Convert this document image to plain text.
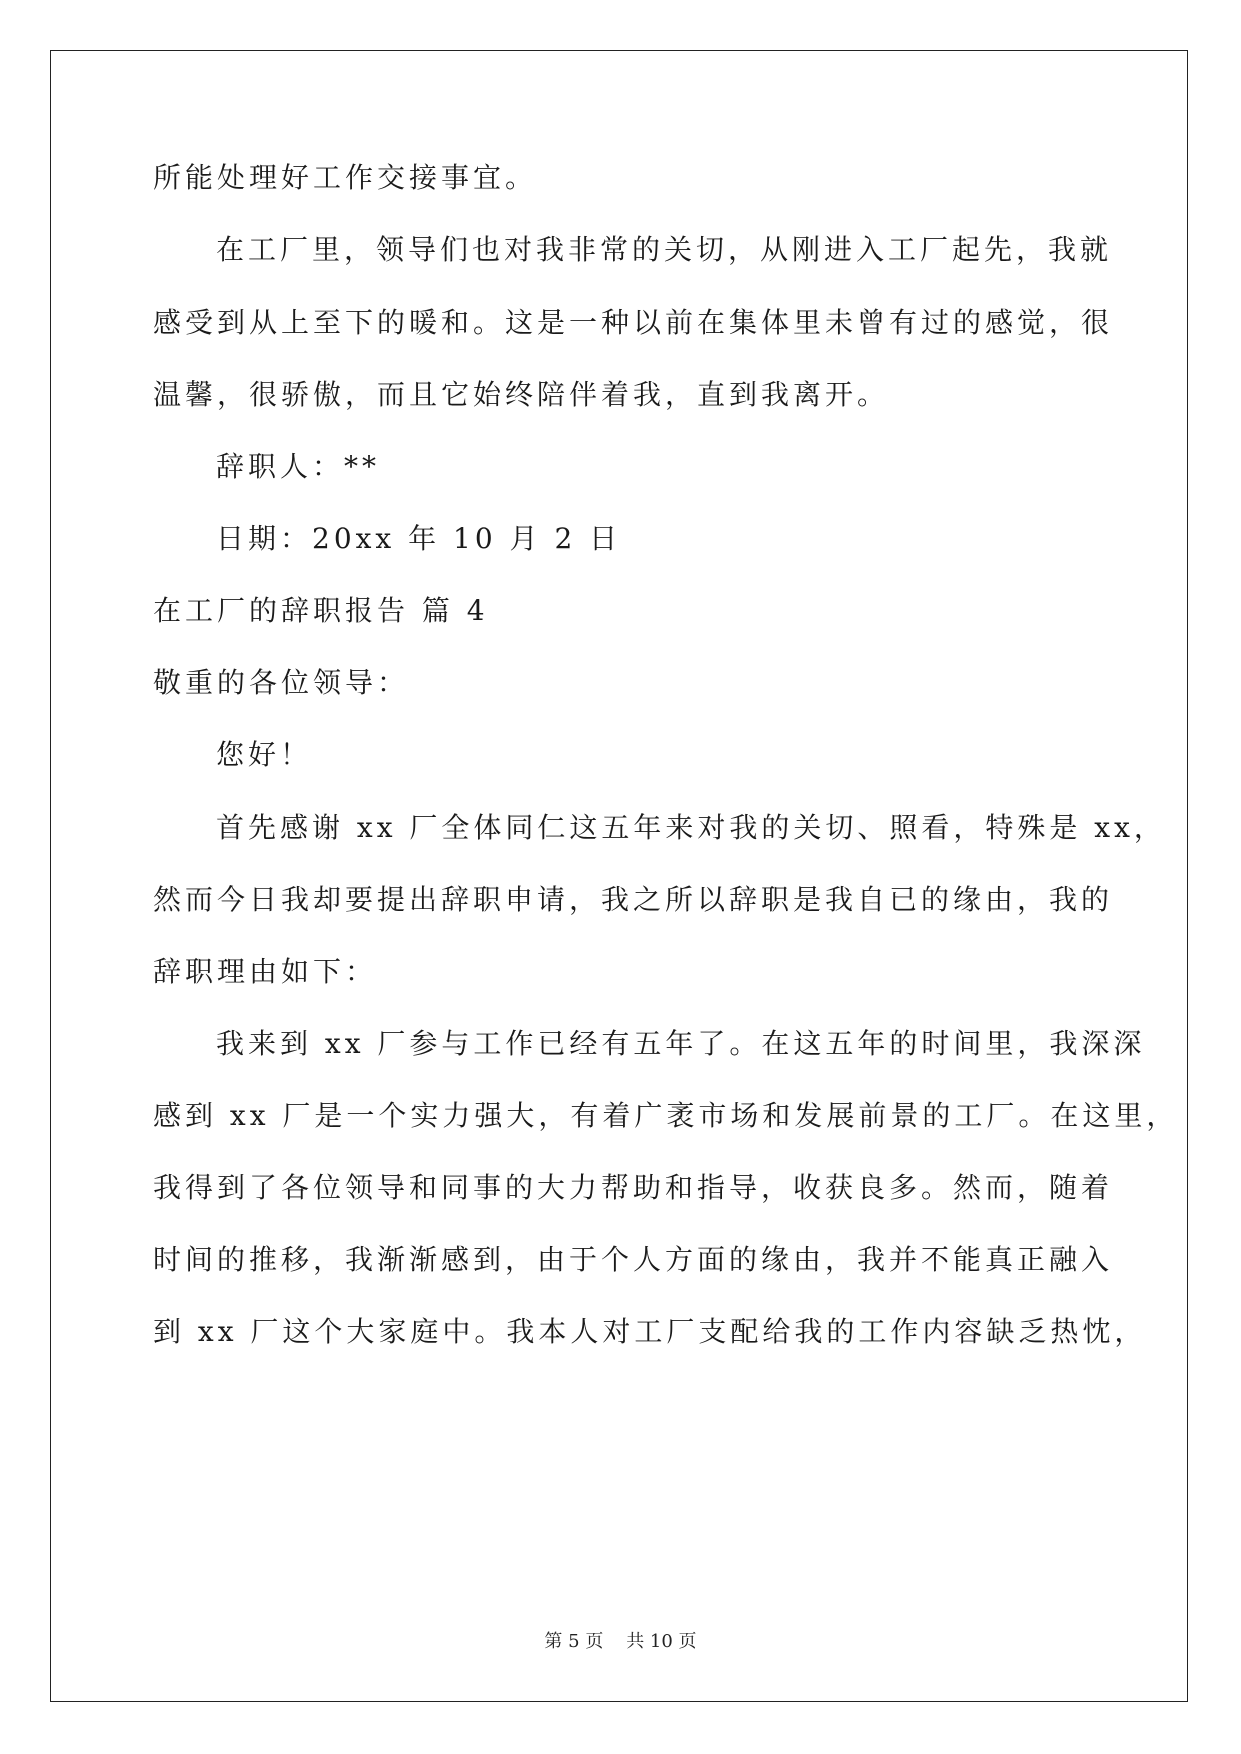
所能处理好工作交接事宜。
在工厂里，领导们也对我非常的关切，从刚进入工厂起先，我就
感受到从上至下的暖和。这是一种以前在集体里未曾有过的感觉，很
温馨，很骄傲，而且它始终陪伴着我，直到我离开。
辞职人：**
日期：20xx 年 10 月 2 日
在工厂的辞职报告 篇 4
敬重的各位领导：
您好！
首先感谢 xx 厂全体同仁这五年来对我的关切、照看，特殊是 xx，
然而今日我却要提出辞职申请，我之所以辞职是我自已的缘由，我的
辞职理由如下：
我来到 xx 厂参与工作已经有五年了。在这五年的时间里，我深深
感到 xx 厂是一个实力强大，有着广袤市场和发展前景的工厂。在这里，
我得到了各位领导和同事的大力帮助和指导，收获良多。然而，随着
时间的推移，我渐渐感到，由于个人方面的缘由，我并不能真正融入
到 xx 厂这个大家庭中。我本人对工厂支配给我的工作内容缺乏热忱，
第 5 页    共 10 页
